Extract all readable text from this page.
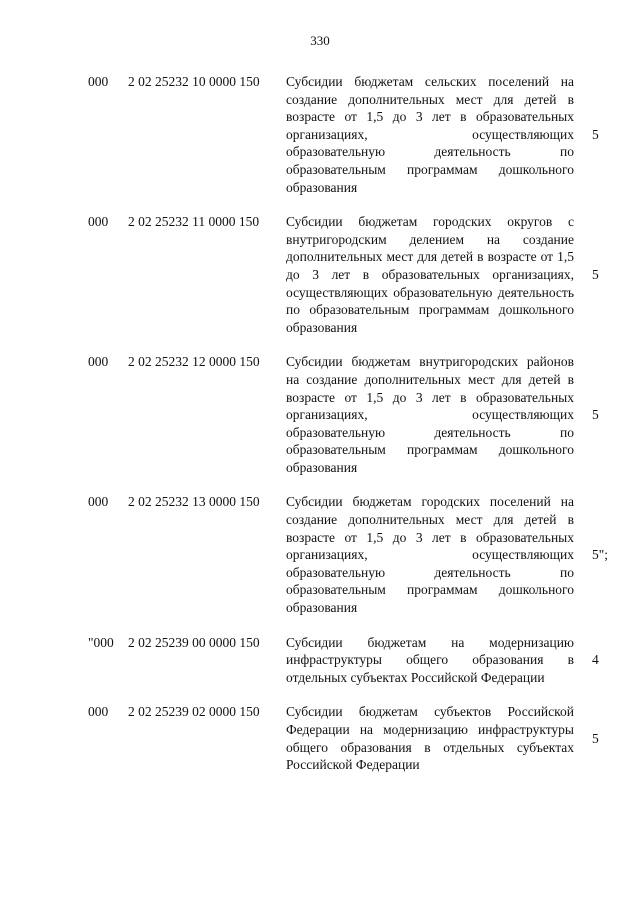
330
000 2 02 25232 10 0000 150 Субсидии бюджетам сельских поселений на создание дополнительных мест для детей в возрасте от 1,5 до 3 лет в образовательных организациях, осуществляющих образовательную деятельность по образовательным программам дошкольного образования
5
000 2 02 25232 11 0000 150 Субсидии бюджетам городских округов с внутригородским делением на создание дополнительных мест для детей в возрасте от 1,5 до 3 лет в образовательных организациях, осуществляющих образовательную деятельность по образовательным программам дошкольного образования
5
000 2 02 25232 12 0000 150 Субсидии бюджетам внутригородских районов на создание дополнительных мест для детей в возрасте от 1,5 до 3 лет в образовательных организациях, осуществляющих образовательную деятельность по образовательным программам дошкольного образования
5
000 2 02 25232 13 0000 150 Субсидии бюджетам городских поселений на создание дополнительных мест для детей в возрасте от 1,5 до 3 лет в образовательных организациях, осуществляющих образовательную деятельность по образовательным программам дошкольного образования
5";
"000 2 02 25239 00 0000 150 Субсидии бюджетам на модернизацию инфраструктуры общего образования в отдельных субъектах Российской Федерации
4
000 2 02 25239 02 0000 150 Субсидии бюджетам субъектов Российской Федерации на модернизацию инфраструктуры общего образования в отдельных субъектах Российской Федерации
5
